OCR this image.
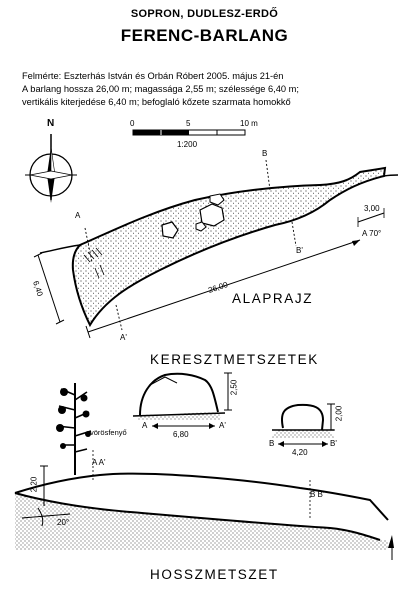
SOPRON, DUDLESZ-ERDŐ
FERENC-BARLANG
Felmérte: Eszterhás István és Orbán Róbert 2005. május 21-én
A barlang hossza 26,00 m; magassága 2,55 m; szélessége 6,40 m;
vertikális kiterjedése 6,40 m; befoglaló kőzete szarmata homokkő
0	5	10 m
1:200
N
A
A'
B
B'
26,00
6,40
3,00
A 70°
ALAPRAJZ
KERESZTMETSZETEK
6,80
2,50
A	A'
4,20
2,00
B	B'
vörösfenyő
2,20
20°
A A'
B B'
HOSSZMETSZET
